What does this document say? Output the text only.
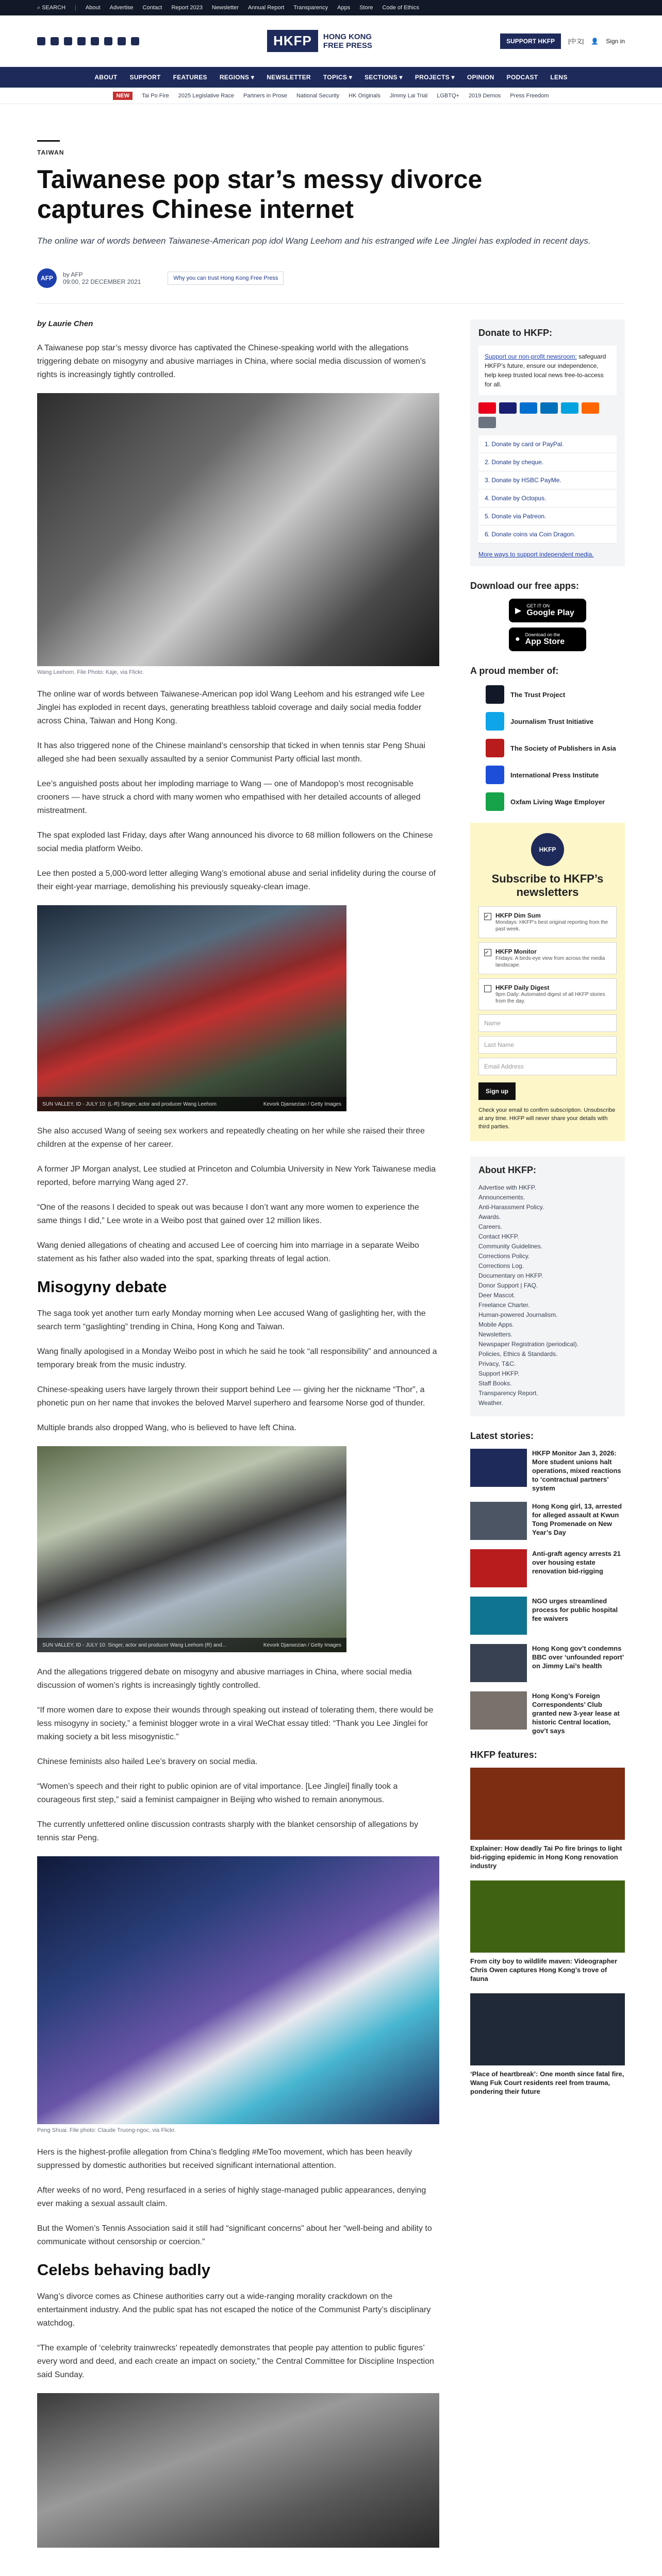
⌕ SEARCH | About Advertise Contact Report 2023 Newsletter Annual Report Transparency Apps Store Code of Ethics
HKFP	HONG KONG
FREE PRESS	SUPPORT HKFP	|中文| 👤 Sign in
ABOUT SUPPORT FEATURES REGIONS ▾ NEWSLETTER TOPICS ▾ SECTIONS ▾ PROJECTS ▾ OPINION PODCAST LENS
NEW	Tai Po Fire 2025 Legislative Race Partners in Prose National Security HK Originals Jimmy Lai Trial LGBTQ+ 2019 Demos Press Freedom
TAIWAN
Taiwanese pop star’s messy divorce captures Chinese internet

The online war of words between Taiwanese-American pop idol Wang Leehom and his estranged wife Lee Jinglei has exploded in recent days.

AFP	by AFP
09:00, 22 DECEMBER 2021	Why you can trust Hong Kong Free Press
by Laurie Chen

A Taiwanese pop star’s messy divorce has captivated the Chinese-speaking world with the allegations triggering debate on misogyny and abusive marriages in China, where social media discussion of women’s rights is increasingly tightly controlled.

Wang Leehom. File Photo: Kaje, via Flickr.

The online war of words between Taiwanese-American pop idol Wang Leehom and his estranged wife Lee Jinglei has exploded in recent days, generating breathless tabloid coverage and daily social media fodder across China, Taiwan and Hong Kong.

It has also triggered none of the Chinese mainland’s censorship that ticked in when tennis star Peng Shuai alleged she had been sexually assaulted by a senior Communist Party official last month.

Lee’s anguished posts about her imploding marriage to Wang — one of Mandopop’s most recognisable crooners — have struck a chord with many women who empathised with her detailed accounts of alleged mistreatment.

The spat exploded last Friday, days after Wang announced his divorce to 68 million followers on the Chinese social media platform Weibo.

Lee then posted a 5,000-word letter alleging Wang’s emotional abuse and serial infidelity during the course of their eight-year marriage, demolishing his previously squeaky-clean image.

SUN VALLEY, ID - JULY 10: (L-R) Singer, actor and producer Wang Leehom	Kevork Djansezian / Getty Images

She also accused Wang of seeing sex workers and repeatedly cheating on her while she raised their three children at the expense of her career.

A former JP Morgan analyst, Lee studied at Princeton and Columbia University in New York Taiwanese media reported, before marrying Wang aged 27.

“One of the reasons I decided to speak out was because I don’t want any more women to experience the same things I did,” Lee wrote in a Weibo post that gained over 12 million likes.

Wang denied allegations of cheating and accused Lee of coercing him into marriage in a separate Weibo statement as his father also waded into the spat, sparking threats of legal action.

Misogyny debate

The saga took yet another turn early Monday morning when Lee accused Wang of gaslighting her, with the search term “gaslighting” trending in China, Hong Kong and Taiwan.

Wang finally apologised in a Monday Weibo post in which he said he took “all responsibility” and announced a temporary break from the music industry.

Chinese-speaking users have largely thrown their support behind Lee — giving her the nickname “Thor”, a phonetic pun on her name that invokes the beloved Marvel superhero and fearsome Norse god of thunder.

Multiple brands also dropped Wang, who is believed to have left China.

SUN VALLEY, ID - JULY 10: Singer, actor and producer Wang Leehom (R) and...	Kevork Djansezian / Getty Images

And the allegations triggered debate on misogyny and abusive marriages in China, where social media discussion of women’s rights is increasingly tightly controlled.

“If more women dare to expose their wounds through speaking out instead of tolerating them, there would be less misogyny in society,” a feminist blogger wrote in a viral WeChat essay titled: “Thank you Lee Jinglei for making society a bit less misogynistic.”

Chinese feminists also hailed Lee’s bravery on social media.

“Women’s speech and their right to public opinion are of vital importance. [Lee Jinglei] finally took a courageous first step,” said a feminist campaigner in Beijing who wished to remain anonymous.

The currently unfettered online discussion contrasts sharply with the blanket censorship of allegations by tennis star Peng.

Peng Shuai. File photo: Claude Truong-ngoc, via Flickr.

Hers is the highest-profile allegation from China’s fledgling #MeToo movement, which has been heavily suppressed by domestic authorities but received significant international attention.

After weeks of no word, Peng resurfaced in a series of highly stage-managed public appearances, denying ever making a sexual assault claim.

But the Women’s Tennis Association said it still had “significant concerns” about her “well-being and ability to communicate without censorship or coercion.”

Celebs behaving badly

Wang’s divorce comes as Chinese authorities carry out a wide-ranging morality crackdown on the entertainment industry. And the public spat has not escaped the notice of the Communist Party’s disciplinary watchdog.

“The example of ‘celebrity trainwrecks’ repeatedly demonstrates that people pay attention to public figures’ every word and deed, and each create an impact on society,” the Central Committee for Discipline Inspection said Sunday.

Donate to HKFP:
Support our non-profit newsroom: safeguard HKFP’s future, ensure our independence, help keep trusted local news free-to-access for all.
1. Donate by card or PayPal.
2. Donate by cheque.
3. Donate by HSBC PayMe.
4. Donate by Octopus.
5. Donate via Patreon.
6. Donate coins via Coin Dragon.
More ways to support independent media.
Download our free apps:
▶
GET IT ON
Google Play
● Download on the
App Store
A proud member of:
The Trust Project
Journalism Trust Initiative
The Society of Publishers in Asia
International Press Institute
Oxfam Living Wage Employer
HKFP
Subscribe to HKFP’s newsletters
✔	HKFP Dim Sum
Mondays: HKFP’s best original reporting from the past week.
✔	HKFP Monitor
Fridays: A birds-eye view from across the media landscape.
HKFP Daily Digest
9pm Daily: Automated digest of all HKFP stories from the day.
Name
Last Name
Email Address
Sign up

Check your email to confirm subscription. Unsubscribe at any time. HKFP will never share your details with third parties.

About HKFP:
Advertise with HKFP.
Announcements.
Anti-Harassment Policy.
Awards.
Careers.
Contact HKFP.
Community Guidelines.
Corrections Policy.
Corrections Log.
Documentary on HKFP.
Donor Support | FAQ.
Deer Mascot.
Freelance Charter.
Human-powered Journalism.
Mobile Apps.
Newsletters.
Newspaper Registration (periodical).
Policies, Ethics & Standards.
Privacy, T&C.
Support HKFP.
Staff Books.
Transparency Report.
Weather.
Latest stories:
HKFP Monitor Jan 3, 2026: More student unions halt operations, mixed reactions to ‘contractual partners’ system
Hong Kong girl, 13, arrested for alleged assault at Kwun Tong Promenade on New Year’s Day
Anti-graft agency arrests 21 over housing estate renovation bid-rigging
NGO urges streamlined process for public hospital fee waivers
Hong Kong gov’t condemns BBC over ‘unfounded report’ on Jimmy Lai’s health
Hong Kong’s Foreign Correspondents’ Club granted new 3-year lease at historic Central location, gov’t says
HKFP features:
Explainer: How deadly Tai Po fire brings to light bid-rigging epidemic in Hong Kong renovation industry
From city boy to wildlife maven: Videographer Chris Owen captures Hong Kong’s trove of fauna
‘Place of heartbreak’: One month since fatal fire, Wang Fuk Court residents reel from trauma, pondering their future
